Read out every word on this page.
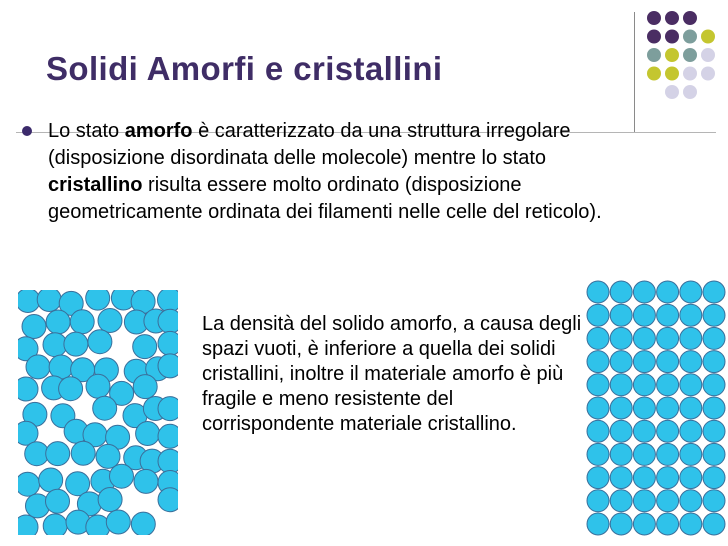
Solidi Amorfi e cristallini
Lo stato amorfo è caratterizzato da una struttura irregolare (disposizione disordinata delle molecole) mentre lo stato cristallino risulta essere molto ordinato (disposizione geometricamente ordinata dei filamenti nelle celle del reticolo).
La densità del solido amorfo, a causa degli spazi vuoti, è inferiore a quella dei solidi cristallini, inoltre il materiale amorfo è più fragile e meno resistente del corrispondente materiale cristallino.
